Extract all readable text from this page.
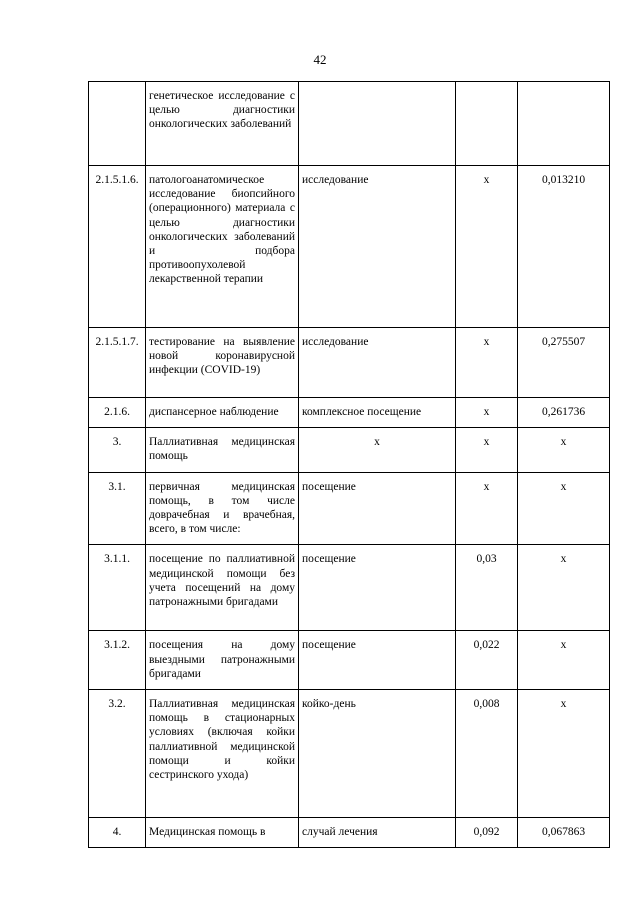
42

	генетическое исследование с целью диагностики онкологических заболеваний			

2.1.5.1.6.	патологоанатомическое исследование биопсийного (операционного) материала с целью диагностики онкологических заболеваний и подбора противоопухолевой лекарственной терапии	исследование	x	0,013210
2.1.5.1.7.	тестирование на выявление новой коронавирусной инфекции (COVID-19)	исследование	x	0,275507
2.1.6.	диспансерное наблюдение	комплексное посещение	x	0,261736
3.	Паллиативная медицинская помощь	x	x	x
3.1.	первичная медицинская помощь, в том числе доврачебная и врачебная, всего, в том числе:	посещение	x	x
3.1.1.	посещение по паллиативной медицинской помощи без учета посещений на дому патронажными бригадами	посещение	0,03	x
3.1.2.	посещения на дому выездными патронажными бригадами	посещение	0,022	x
3.2.	Паллиативная медицинская помощь в стационарных условиях (включая койки паллиативной медицинской помощи и койки сестринского ухода)	койко-день	0,008	x
4.	Медицинская помощь в	случай лечения	0,092	0,067863
